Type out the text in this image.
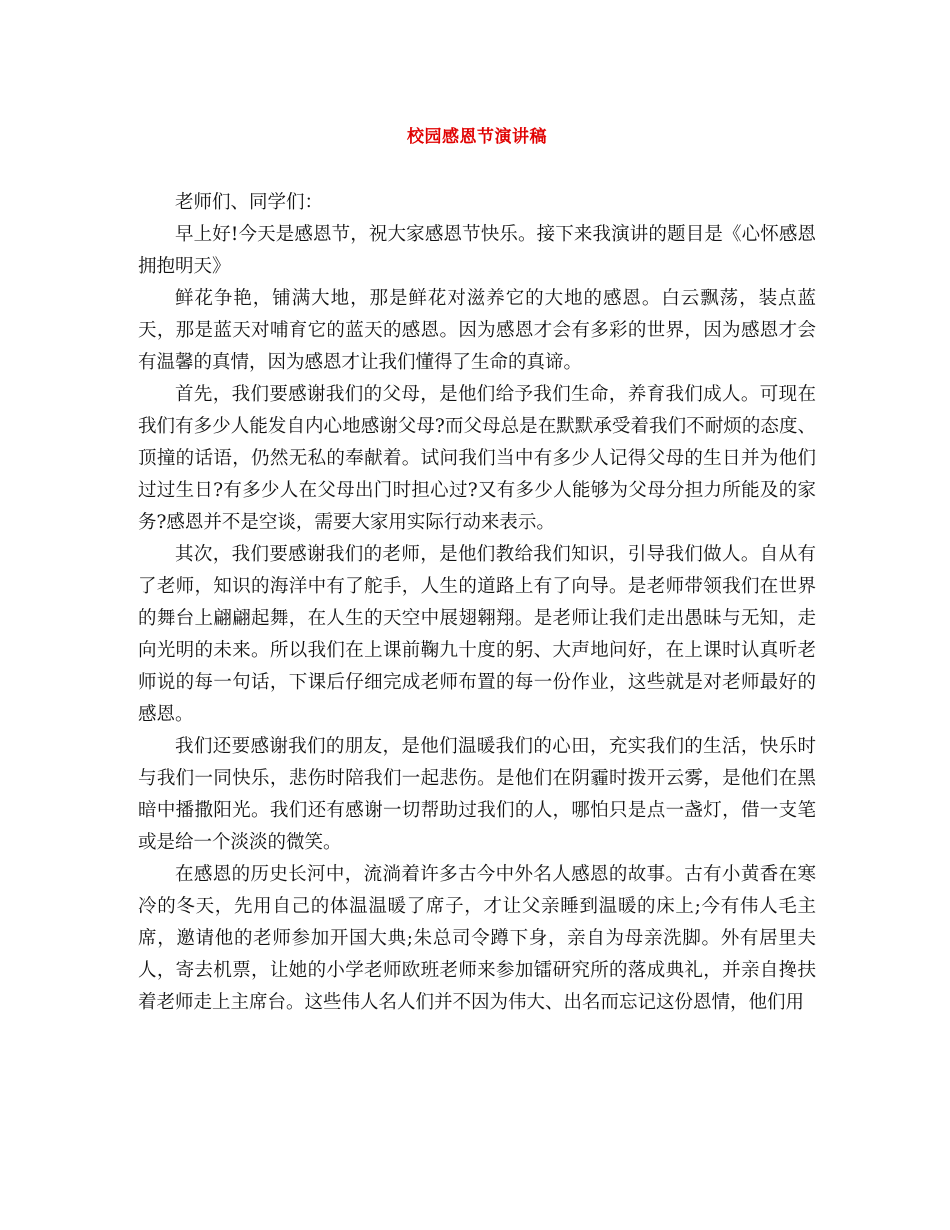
校园感恩节演讲稿

老师们、同学们：

早上好!今天是感恩节，祝大家感恩节快乐。接下来我演讲的题目是《心怀感恩 拥抱明天》

鲜花争艳，铺满大地，那是鲜花对滋养它的大地的感恩。白云飘荡，装点蓝天，那是蓝天对哺育它的蓝天的感恩。因为感恩才会有多彩的世界，因为感恩才会有温馨的真情，因为感恩才让我们懂得了生命的真谛。

首先，我们要感谢我们的父母，是他们给予我们生命，养育我们成人。可现在我们有多少人能发自内心地感谢父母?而父母总是在默默承受着我们不耐烦的态度、顶撞的话语，仍然无私的奉献着。试问我们当中有多少人记得父母的生日并为他们过过生日?有多少人在父母出门时担心过?又有多少人能够为父母分担力所能及的家务?感恩并不是空谈，需要大家用实际行动来表示。

其次，我们要感谢我们的老师，是他们教给我们知识，引导我们做人。自从有了老师，知识的海洋中有了舵手，人生的道路上有了向导。是老师带领我们在世界的舞台上翩翩起舞，在人生的天空中展翅翱翔。是老师让我们走出愚昧与无知，走向光明的未来。所以我们在上课前鞠九十度的躬、大声地问好，在上课时认真听老师说的每一句话，下课后仔细完成老师布置的每一份作业，这些就是对老师最好的感恩。

我们还要感谢我们的朋友，是他们温暖我们的心田，充实我们的生活，快乐时与我们一同快乐，悲伤时陪我们一起悲伤。是他们在阴霾时拨开云雾，是他们在黑暗中播撒阳光。我们还有感谢一切帮助过我们的人，哪怕只是点一盏灯，借一支笔或是给一个淡淡的微笑。

在感恩的历史长河中，流淌着许多古今中外名人感恩的故事。古有小黄香在寒冷的冬天，先用自己的体温温暖了席子，才让父亲睡到温暖的床上;今有伟人毛主席，邀请他的老师参加开国大典;朱总司令蹲下身，亲自为母亲洗脚。外有居里夫人，寄去机票，让她的小学老师欧班老师来参加镭研究所的落成典礼，并亲自搀扶着老师走上主席台。这些伟人名人们并不因为伟大、出名而忘记这份恩情，他们用
